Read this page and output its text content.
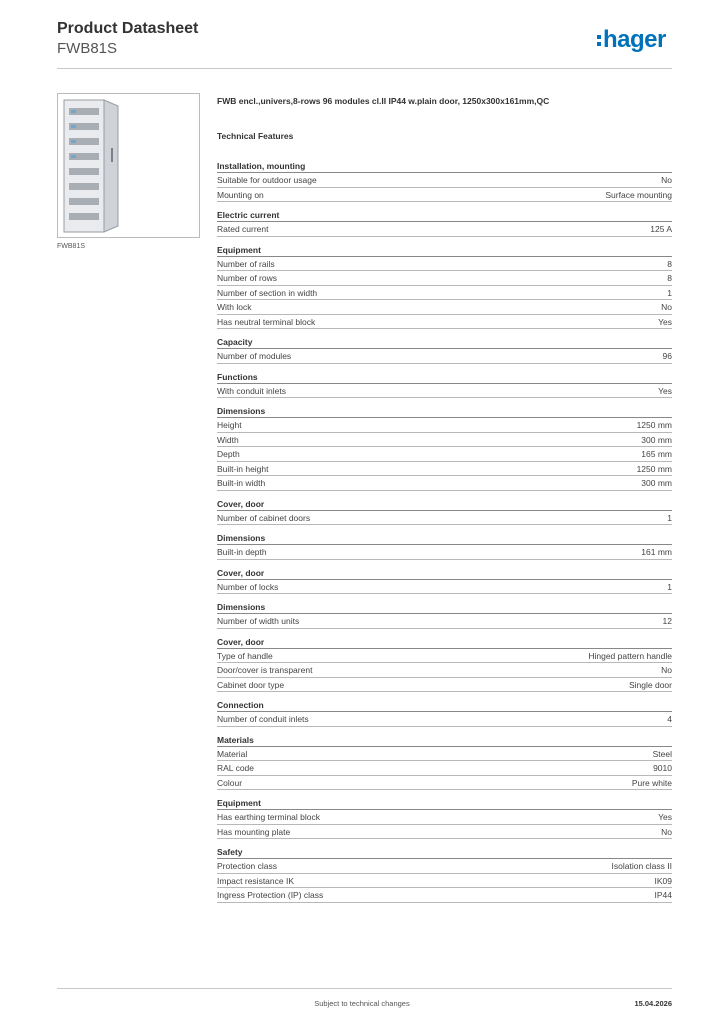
Product Datasheet
FWB81S	hager
FWB81S
FWB encl.,univers,8-rows 96 modules cl.II IP44 w.plain door, 1250x300x161mm,QC
Technical Features
Installation, mounting
Suitable for outdoor usage	No
Mounting on	Surface mounting
Electric current
Rated current	125 A
Equipment
Number of rails	8
Number of rows	8
Number of section in width	1
With lock	No
Has neutral terminal block	Yes
Capacity
Number of modules	96
Functions
With conduit inlets	Yes
Dimensions
Height	1250 mm
Width	300 mm
Depth	165 mm
Built-in height	1250 mm
Built-in width	300 mm
Cover, door
Number of cabinet doors	1
Dimensions
Built-in depth	161 mm
Cover, door
Number of locks	1
Dimensions
Number of width units	12
Cover, door
Type of handle	Hinged pattern handle
Door/cover is transparent	No
Cabinet door type	Single door
Connection
Number of conduit inlets	4
Materials
Material	Steel
RAL code	9010
Colour	Pure white
Equipment
Has earthing terminal block	Yes
Has mounting plate	No
Safety
Protection class	Isolation class II
Impact resistance IK	IK09
Ingress Protection (IP) class	IP44
Subject to technical changes	15.04.2026
